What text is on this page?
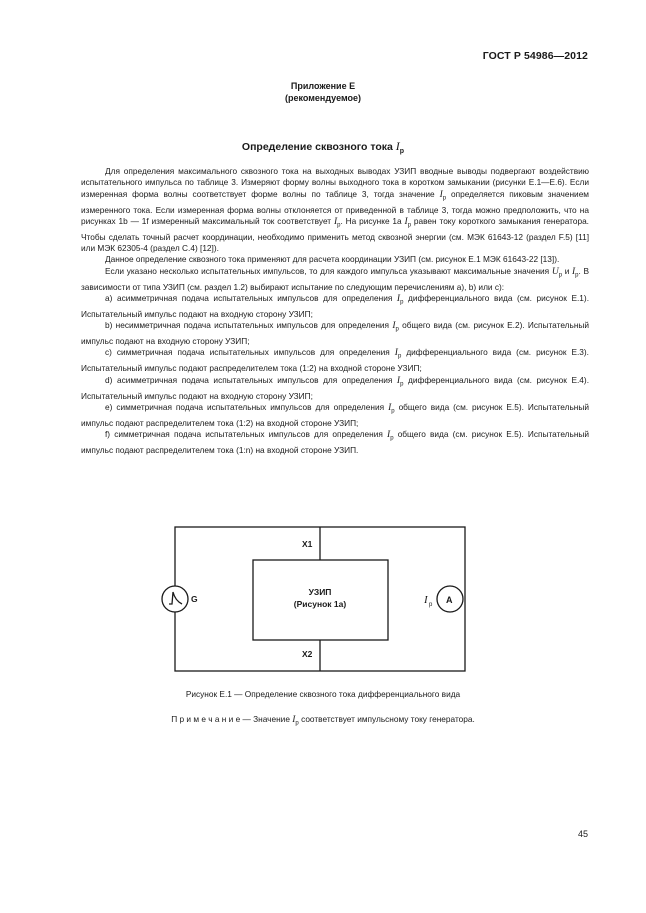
ГОСТ Р 54986—2012
Приложение Е
(рекомендуемое)
Определение сквозного тока $I_p$

Для определения максимального сквозного тока на выходных выводах УЗИП вводные выводы подвергают воздействию испытательного импульса по таблице 3. Измеряют форму волны выходного тока в коротком замыкании (рисунки Е.1—Е.6). Если измеренная форма волны соответствует форме волны по таблице 3, тогда значение $I_p$ определяется пиковым значением измеренного тока. Если измеренная форма волны отклоняется от приведенной в таблице 3, тогда можно предположить, что на рисунках 1b — 1f измеренный максимальный ток соответствует $I_p$. На рисунке 1a $I_p$ равен току короткого замыкания генератора. Чтобы сделать точный расчет координации, необходимо применить метод сквозной энергии (см. МЭК 61643-12 (раздел F.5) [11] или МЭК 62305-4 (раздел С.4) [12]).

Данное определение сквозного тока применяют для расчета координации УЗИП (см. рисунок Е.1 МЭК 61643-22 [13]).

Если указано несколько испытательных импульсов, то для каждого импульса указывают максимальные значения $U_p$ и $I_p$. В зависимости от типа УЗИП (см. раздел 1.2) выбирают испытание по следующим перечислениям a), b) или c):

a) асимметричная подача испытательных импульсов для определения $I_p$ дифференциального вида (см. рисунок Е.1). Испытательный импульс подают на входную сторону УЗИП;

b) несимметричная подача испытательных импульсов для определения $I_p$ общего вида (см. рисунок Е.2). Испытательный импульс подают на входную сторону УЗИП;

c) симметричная подача испытательных импульсов для определения $I_p$ дифференциального вида (см. рисунок Е.3). Испытательный импульс подают распределителем тока (1:2) на входной стороне УЗИП;

d) асимметричная подача испытательных импульсов для определения $I_p$ дифференциального вида (см. рисунок Е.4). Испытательный импульс подают на входную сторону УЗИП;

e) симметричная подача испытательных импульсов для определения $I_p$ общего вида (см. рисунок Е.5). Испытательный импульс подают распределителем тока (1:2) на входной стороне УЗИП;

f) симметричная подача испытательных импульсов для определения $I_p$ общего вида (см. рисунок Е.5). Испытательный импульс подают распределителем тока (1:n) на входной стороне УЗИП.

X1
X2
G	A
УЗИП
(Рисунок 1a)	I p
Рисунок Е.1 — Определение сквозного тока дифференциального вида
П р и м е ч а н и е — Значение $I_p$ соответствует импульсному току генератора.
45
